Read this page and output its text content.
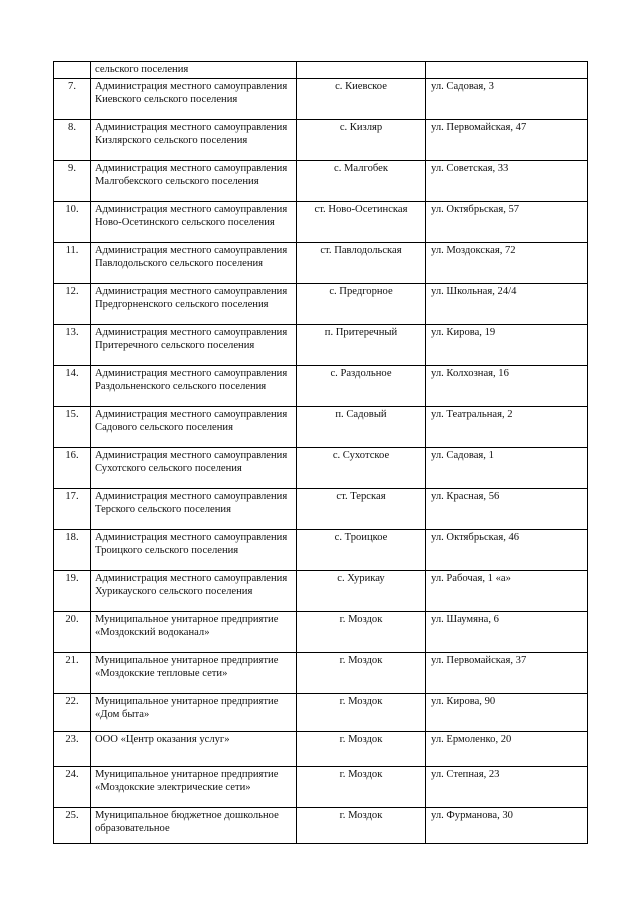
	сельского поселения		
7.	Администрация местного самоуправления Киевского сельского поселения	с. Киевское	ул. Садовая, 3
8.	Администрация местного самоуправления Кизлярского сельского поселения	с. Кизляр	ул. Первомайская, 47
9.	Администрация местного самоуправления Малгобекского сельского поселения	с. Малгобек	ул. Советская, 33
10.	Администрация местного самоуправления Ново-Осетинского сельского поселения	ст. Ново-Осетинская	ул. Октябрьская, 57
11.	Администрация местного самоуправления Павлодольского сельского поселения	ст. Павлодольская	ул. Моздокская, 72
12.	Администрация местного самоуправления Предгорненского сельского поселения	с. Предгорное	ул. Школьная, 24/4
13.	Администрация местного самоуправления Притеречного сельского поселения	п. Притеречный	ул. Кирова, 19
14.	Администрация местного самоуправления Раздольненского сельского поселения	с. Раздольное	ул. Колхозная, 16
15.	Администрация местного самоуправления Садового сельского поселения	п. Садовый	ул. Театральная, 2
16.	Администрация местного самоуправления Сухотского сельского поселения	с. Сухотское	ул. Садовая, 1
17.	Администрация местного самоуправления Терского сельского поселения	ст. Терская	ул. Красная, 56
18.	Администрация местного самоуправления Троицкого сельского поселения	с. Троицкое	ул. Октябрьская, 46
19.	Администрация местного самоуправления Хурикауского сельского поселения	с. Хурикау	ул. Рабочая, 1 «а»
20.	Муниципальное унитарное предприятие «Моздокский водоканал»	г. Моздок	ул. Шаумяна, 6
21.	Муниципальное унитарное предприятие «Моздокские тепловые сети»	г. Моздок	ул. Первомайская, 37
22.	Муниципальное унитарное предприятие «Дом быта»	г. Моздок	ул. Кирова, 90
23.	ООО «Центр оказания услуг»	г. Моздок	ул. Ермоленко, 20
24.	Муниципальное унитарное предприятие «Моздокские электрические сети»	г. Моздок	ул. Степная, 23
25.	Муниципальное бюджетное дошкольное образовательное	г. Моздок	ул. Фурманова, 30
